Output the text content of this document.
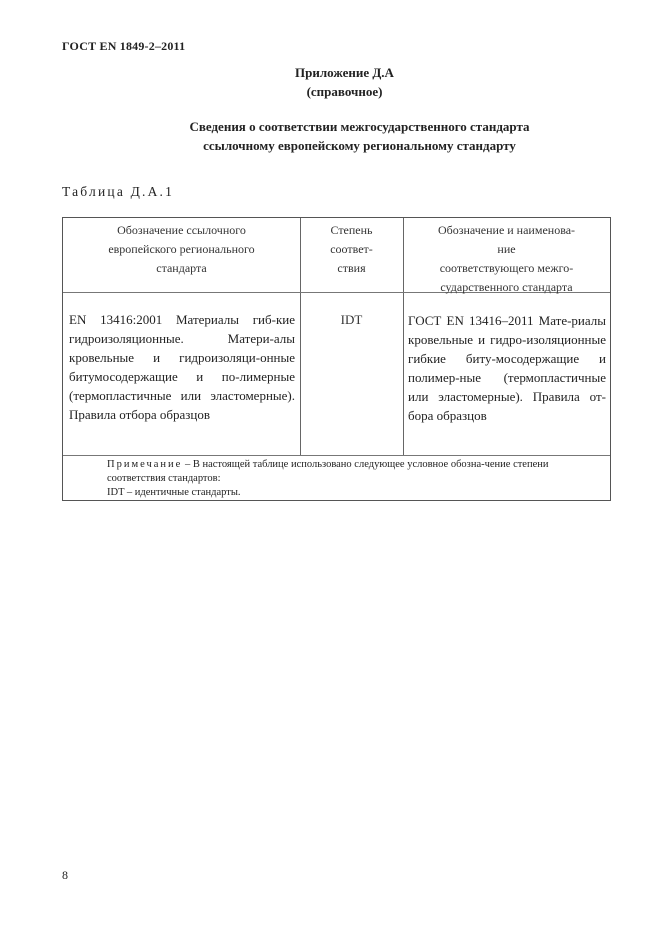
ГОСТ EN 1849-2–2011
Приложение Д.А
(справочное)
Сведения о соответствии межгосударственного стандарта
ссылочному европейскому региональному стандарту
Таблица Д.А.1
Обозначение ссылочного
европейского регионального
стандарта
Степень
соответ-
ствия
Обозначение и наименова-
ние
соответствующего межго-
сударственного стандарта
EN 13416:2001 Материалы гиб-кие гидроизоляционные. Матери-алы кровельные и гидроизоляци-онные битумосодержащие и по-лимерные (термопластичные или эластомерные). Правила отбора образцов
IDT	ГОСТ EN 13416–2011 Мате-риалы кровельные и гидро-изоляционные гибкие биту-мосодержащие и полимер-ные (термопластичные или эластомерные). Правила от-бора образцов

Примечание – В настоящей таблице использовано следующее условное обозна-чение степени соответствия стандартов:

IDT – идентичные стандарты.

8
